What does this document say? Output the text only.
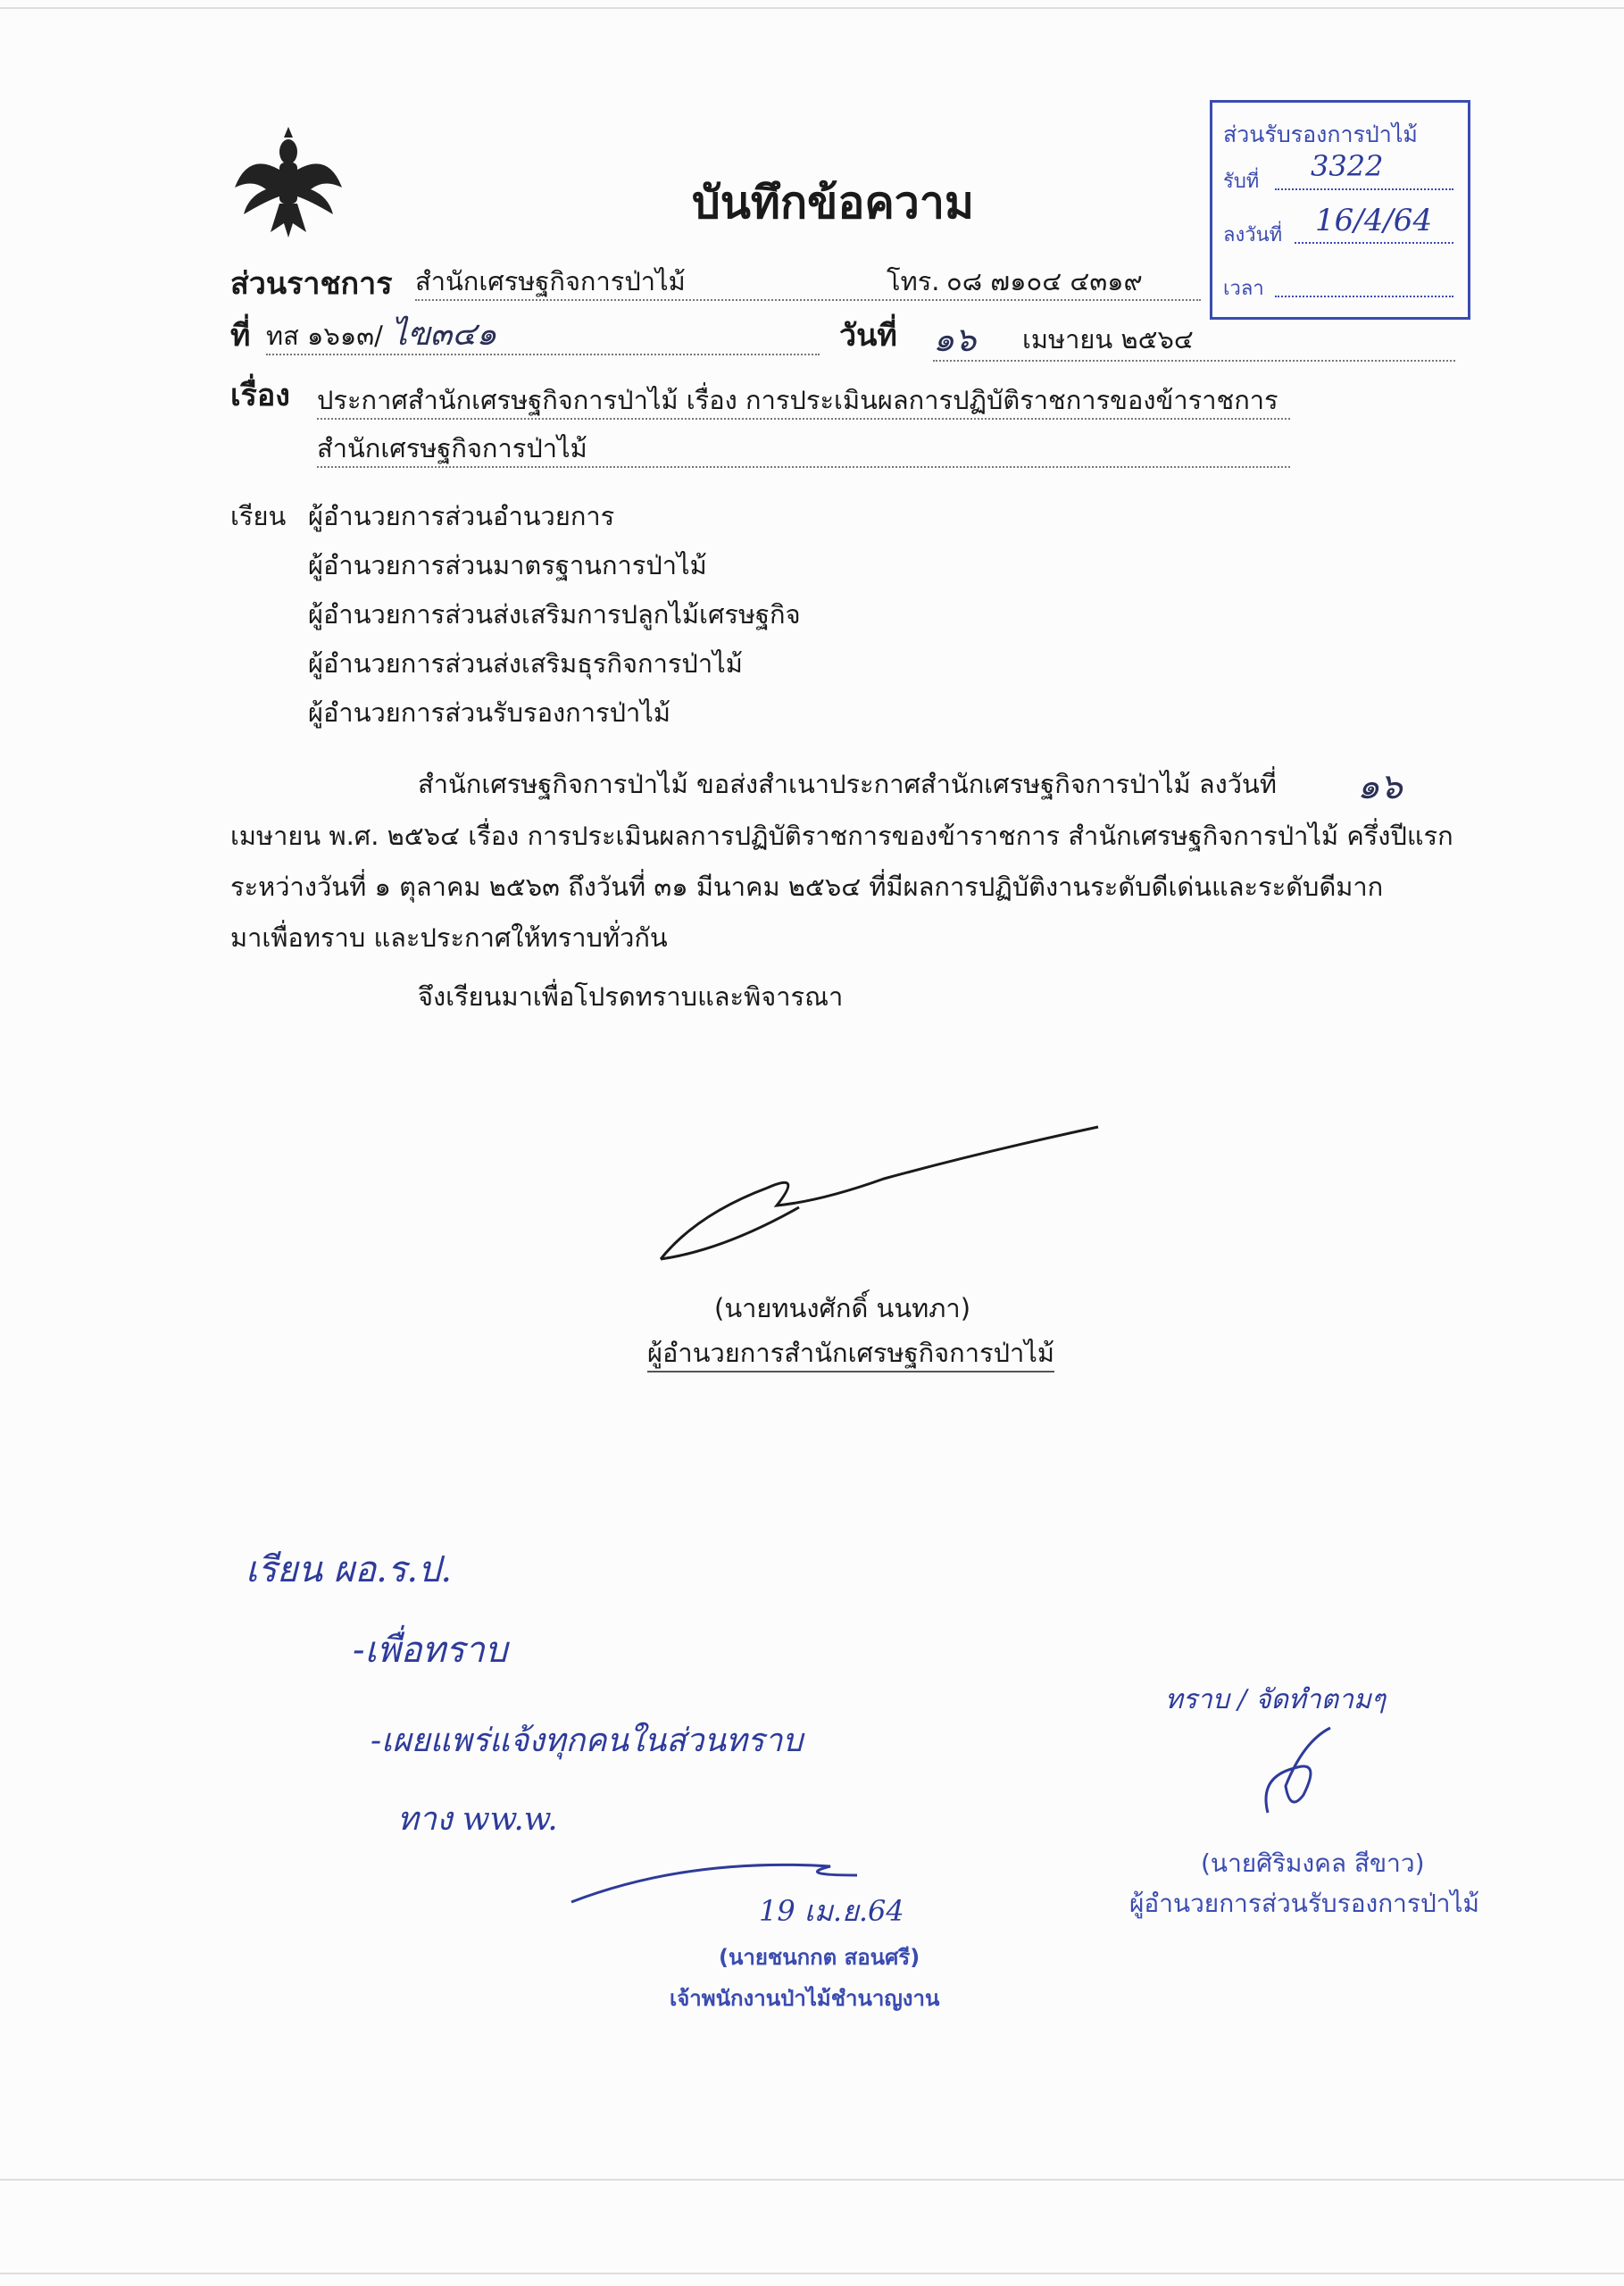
บันทึกข้อความ
ส่วนรับรองการป่าไม้
รับที่ 3322
ลงวันที่ 16/4/64
เวลา
ส่วนราชการ สำนักเศรษฐกิจการป่าไม้	โทร. ๐๘ ๗๑๐๔ ๔๓๑๙
ที่ ทส ๑๖๑๓/ ไฃ๓๔๑	วันที่ ๑๖ เมษายน ๒๕๖๔
เรื่อง ประกาศสำนักเศรษฐกิจการป่าไม้ เรื่อง การประเมินผลการปฏิบัติราชการของข้าราชการ
สำนักเศรษฐกิจการป่าไม้
เรียน ผู้อำนวยการส่วนอำนวยการ
ผู้อำนวยการส่วนมาตรฐานการป่าไม้
ผู้อำนวยการส่วนส่งเสริมการปลูกไม้เศรษฐกิจ
ผู้อำนวยการส่วนส่งเสริมธุรกิจการป่าไม้
ผู้อำนวยการส่วนรับรองการป่าไม้
สำนักเศรษฐกิจการป่าไม้ ขอส่งสำเนาประกาศสำนักเศรษฐกิจการป่าไม้ ลงวันที่ ๑๖
เมษายน พ.ศ. ๒๕๖๔ เรื่อง การประเมินผลการปฏิบัติราชการของข้าราชการ สำนักเศรษฐกิจการป่าไม้ ครึ่งปีแรก
ระหว่างวันที่ ๑ ตุลาคม ๒๕๖๓ ถึงวันที่ ๓๑ มีนาคม ๒๕๖๔ ที่มีผลการปฏิบัติงานระดับดีเด่นและระดับดีมาก
มาเพื่อทราบ และประกาศให้ทราบทั่วกัน
จึงเรียนมาเพื่อโปรดทราบและพิจารณา
(นายทนงศักดิ์ นนทภา)
ผู้อำนวยการสำนักเศรษฐกิจการป่าไม้
เรียน ผอ.ร.ป.
-เพื่อทราบ
-เผยแพร่แจ้งทุกคนในส่วนทราบ
ทาง ww.w.
19 เม.ย.64
(นายชนกกต สอนศรี)
เจ้าพนักงานป่าไม้ชำนาญงาน
ทราบ / จัดทำตามๆ
(นายศิริมงคล สีขาว)
ผู้อำนวยการส่วนรับรองการป่าไม้
